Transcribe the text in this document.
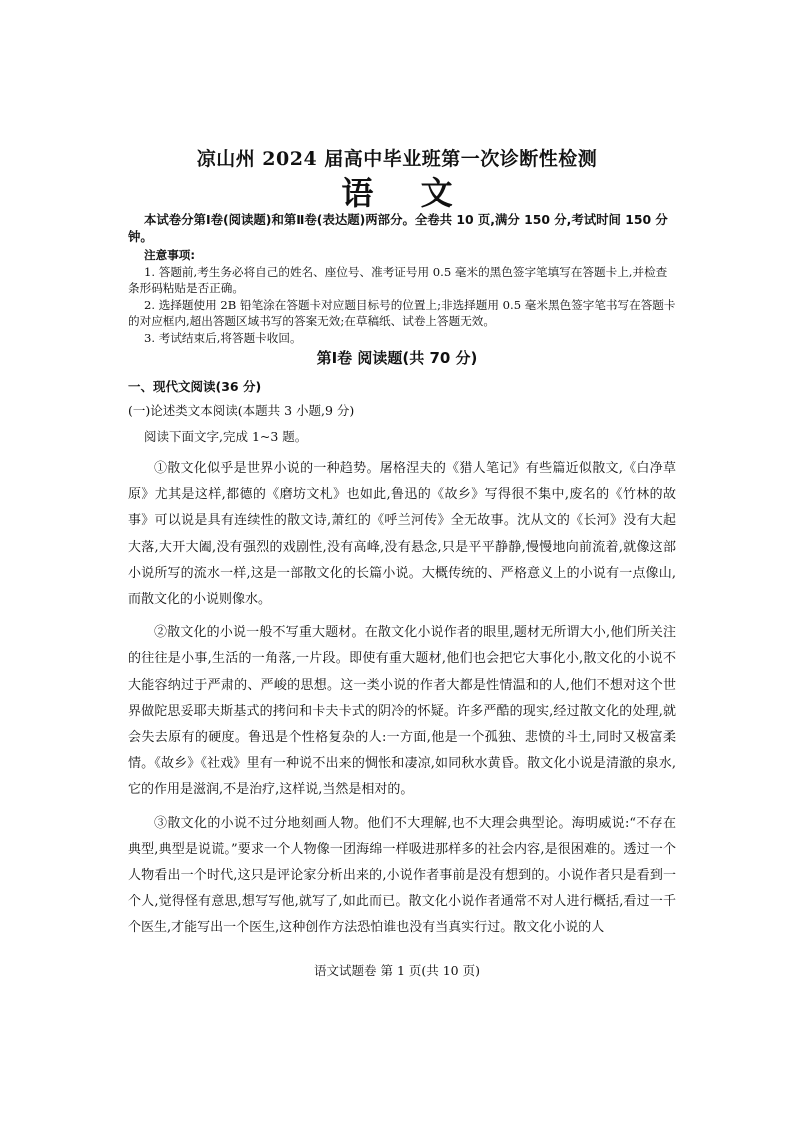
凉山州 2024 届高中毕业班第一次诊断性检测
语 文
本试卷分第Ⅰ卷(阅读题)和第Ⅱ卷(表达题)两部分。全卷共 10 页,满分 150 分,考试时间 150 分钟。
注意事项:

1. 答题前,考生务必将自己的姓名、座位号、准考证号用 0.5 毫米的黑色签字笔填写在答题卡上,并检查条形码粘贴是否正确。

2. 选择题使用 2B 铅笔涂在答题卡对应题目标号的位置上;非选择题用 0.5 毫米黑色签字笔书写在答题卡的对应框内,超出答题区域书写的答案无效;在草稿纸、试卷上答题无效。

3. 考试结束后,将答题卡收回。

第Ⅰ卷 阅读题(共 70 分)
一、现代文阅读(36 分)
(一)论述类文本阅读(本题共 3 小题,9 分)
阅读下面文字,完成 1~3 题。

①散文化似乎是世界小说的一种趋势。屠格涅夫的《猎人笔记》有些篇近似散文,《白净草原》尤其是这样,都德的《磨坊文札》也如此,鲁迅的《故乡》写得很不集中,废名的《竹林的故事》可以说是具有连续性的散文诗,萧红的《呼兰河传》全无故事。沈从文的《长河》没有大起大落,大开大阖,没有强烈的戏剧性,没有高峰,没有悬念,只是平平静静,慢慢地向前流着,就像这部小说所写的流水一样,这是一部散文化的长篇小说。大概传统的、严格意义上的小说有一点像山,而散文化的小说则像水。

②散文化的小说一般不写重大题材。在散文化小说作者的眼里,题材无所谓大小,他们所关注的往往是小事,生活的一角落,一片段。即使有重大题材,他们也会把它大事化小,散文化的小说不大能容纳过于严肃的、严峻的思想。这一类小说的作者大都是性情温和的人,他们不想对这个世界做陀思妥耶夫斯基式的拷问和卡夫卡式的阴冷的怀疑。许多严酷的现实,经过散文化的处理,就会失去原有的硬度。鲁迅是个性格复杂的人:一方面,他是一个孤独、悲愤的斗士,同时又极富柔情。《故乡》《社戏》里有一种说不出来的惆怅和凄凉,如同秋水黄昏。散文化小说是清澈的泉水,它的作用是滋润,不是治疗,这样说,当然是相对的。

③散文化的小说不过分地刻画人物。他们不大理解,也不大理会典型论。海明威说:“不存在典型,典型是说谎。”要求一个人物像一团海绵一样吸进那样多的社会内容,是很困难的。透过一个人物看出一个时代,这只是评论家分析出来的,小说作者事前是没有想到的。小说作者只是看到一个人,觉得怪有意思,想写写他,就写了,如此而已。散文化小说作者通常不对人进行概括,看过一千个医生,才能写出一个医生,这种创作方法恐怕谁也没有当真实行过。散文化小说的人

语文试题卷 第 1 页(共 10 页)
